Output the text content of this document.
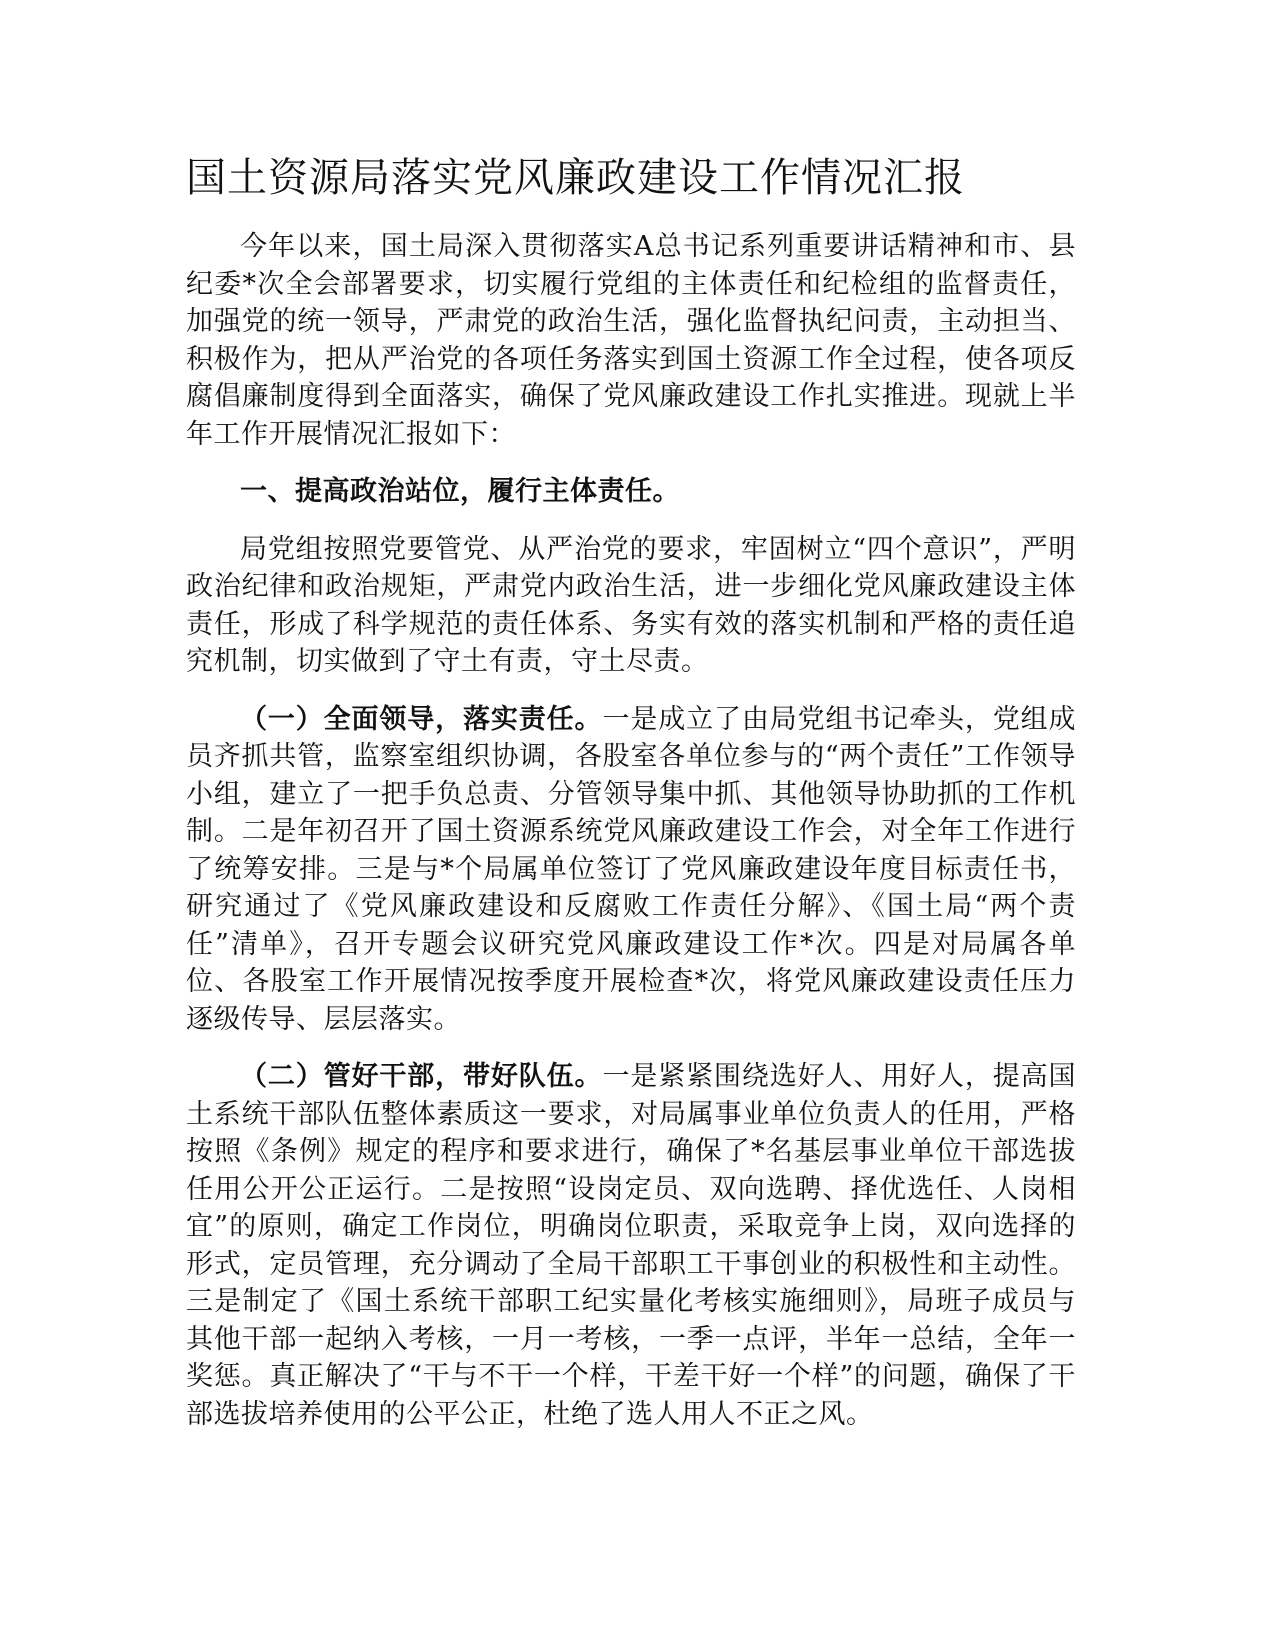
国土资源局落实党风廉政建设工作情况汇报

今年以来，国土局深入贯彻落实A总书记系列重要讲话精神和市、县纪委*次全会部署要求，切实履行党组的主体责任和纪检组的监督责任，加强党的统一领导，严肃党的政治生活，强化监督执纪问责，主动担当、积极作为，把从严治党的各项任务落实到国土资源工作全过程，使各项反腐倡廉制度得到全面落实，确保了党风廉政建设工作扎实推进。现就上半年工作开展情况汇报如下：

一、提高政治站位，履行主体责任。

局党组按照党要管党、从严治党的要求，牢固树立“四个意识”，严明政治纪律和政治规矩，严肃党内政治生活，进一步细化党风廉政建设主体责任，形成了科学规范的责任体系、务实有效的落实机制和严格的责任追究机制，切实做到了守土有责，守土尽责。

（一）全面领导，落实责任。一是成立了由局党组书记牵头，党组成员齐抓共管，监察室组织协调，各股室各单位参与的“两个责任”工作领导小组，建立了一把手负总责、分管领导集中抓、其他领导协助抓的工作机制。二是年初召开了国土资源系统党风廉政建设工作会，对全年工作进行了统筹安排。三是与*个局属单位签订了党风廉政建设年度目标责任书，研究通过了《党风廉政建设和反腐败工作责任分解》、《国土局“两个责任”清单》，召开专题会议研究党风廉政建设工作*次。四是对局属各单位、各股室工作开展情况按季度开展检查*次，将党风廉政建设责任压力逐级传导、层层落实。

（二）管好干部，带好队伍。一是紧紧围绕选好人、用好人，提高国土系统干部队伍整体素质这一要求，对局属事业单位负责人的任用，严格按照《条例》规定的程序和要求进行，确保了*名基层事业单位干部选拔任用公开公正运行。二是按照“设岗定员、双向选聘、择优选任、人岗相宜”的原则，确定工作岗位，明确岗位职责，采取竞争上岗，双向选择的形式，定员管理，充分调动了全局干部职工干事创业的积极性和主动性。三是制定了《国土系统干部职工纪实量化考核实施细则》，局班子成员与其他干部一起纳入考核，一月一考核，一季一点评，半年一总结，全年一奖惩。真正解决了“干与不干一个样，干差干好一个样”的问题，确保了干部选拔培养使用的公平公正，杜绝了选人用人不正之风。
